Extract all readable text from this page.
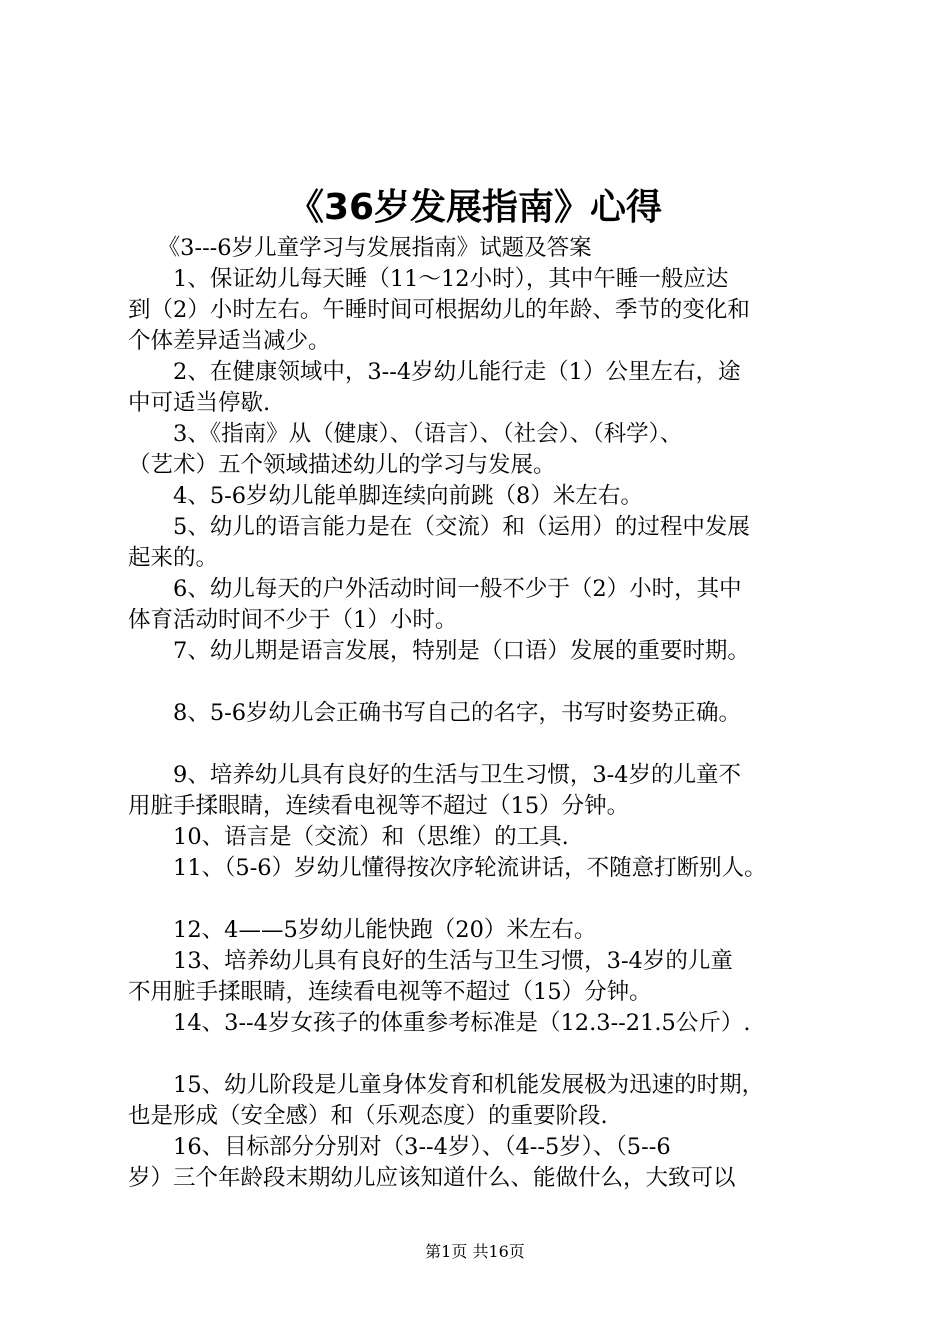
《36岁发展指南》心得
　 《3---6岁儿童学习与发展指南》试题及答案
　　1、保证幼儿每天睡（11～12小时），其中午睡一般应达
到（2）小时左右。午睡时间可根据幼儿的年龄、季节的变化和
个体差异适当减少。
　　2、在健康领域中，3--4岁幼儿能行走（1）公里左右，途
中可适当停歇.
　　3、《指南》从（健康）、（语言）、（社会）、（科学）、
（艺术）五个领域描述幼儿的学习与发展。
　　4、5-6岁幼儿能单脚连续向前跳（8）米左右。
　　5、幼儿的语言能力是在（交流）和（运用）的过程中发展
起来的。
　　6、幼儿每天的户外活动时间一般不少于（2）小时，其中
体育活动时间不少于（1）小时。
　　7、幼儿期是语言发展，特别是（口语）发展的重要时期。
　　8、5-6岁幼儿会正确书写自己的名字，书写时姿势正确。
　　9、培养幼儿具有良好的生活与卫生习惯，3-4岁的儿童不
用脏手揉眼睛，连续看电视等不超过（15）分钟。
　　10、语言是（交流）和（思维）的工具.
　　11、（5-6）岁幼儿懂得按次序轮流讲话，不随意打断别人。
　　12、4——5岁幼儿能快跑（20）米左右。
　　13、培养幼儿具有良好的生活与卫生习惯，3-4岁的儿童
不用脏手揉眼睛，连续看电视等不超过（15）分钟。
　　14、3--4岁女孩子的体重参考标准是（12.3--21.5公斤）.
　　15、幼儿阶段是儿童身体发育和机能发展极为迅速的时期，
也是形成（安全感）和（乐观态度）的重要阶段.
　　16、目标部分分别对（3--4岁）、（4--5岁）、（5--6
岁）三个年龄段末期幼儿应该知道什么、能做什么，大致可以
第1页 共16页
